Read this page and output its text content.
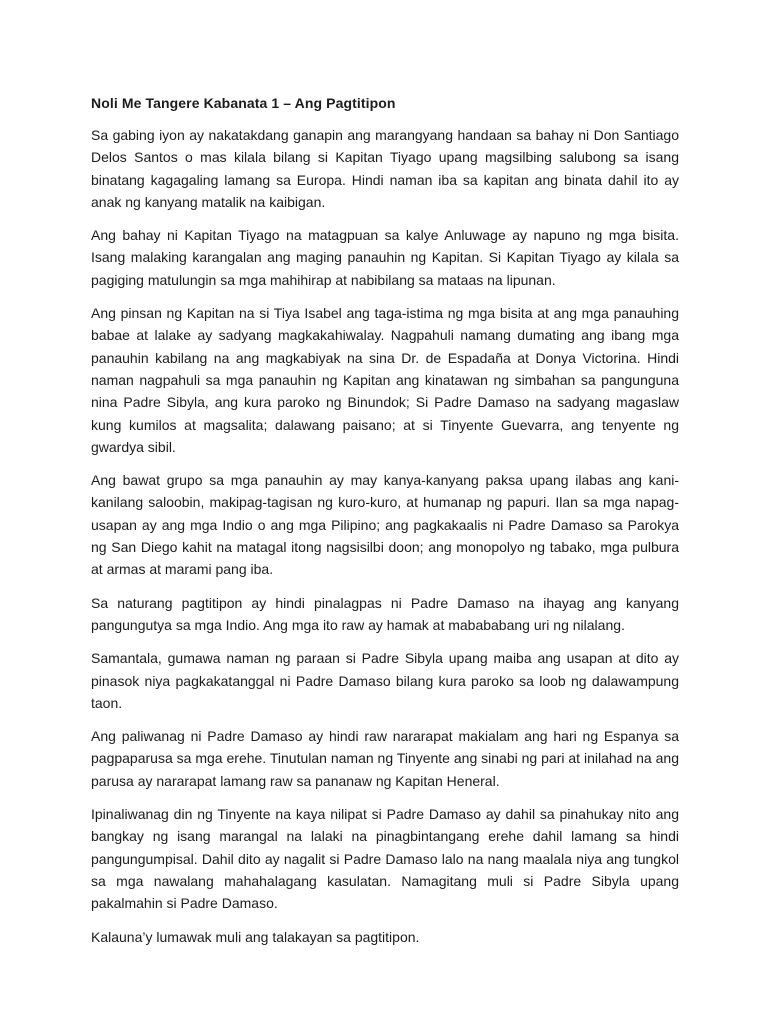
Noli Me Tangere Kabanata 1 – Ang Pagtitipon

Sa gabing iyon ay nakatakdang ganapin ang marangyang handaan sa bahay ni Don Santiago Delos Santos o mas kilala bilang si Kapitan Tiyago upang magsilbing salubong sa isang binatang kagagaling lamang sa Europa. Hindi naman iba sa kapitan ang binata dahil ito ay anak ng kanyang matalik na kaibigan.

Ang bahay ni Kapitan Tiyago na matagpuan sa kalye Anluwage ay napuno ng mga bisita. Isang malaking karangalan ang maging panauhin ng Kapitan. Si Kapitan Tiyago ay kilala sa pagiging matulungin sa mga mahihirap at nabibilang sa mataas na lipunan.

Ang pinsan ng Kapitan na si Tiya Isabel ang taga-istima ng mga bisita at ang mga panauhing babae at lalake ay sadyang magkakahiwalay. Nagpahuli namang dumating ang ibang mga panauhin kabilang na ang magkabiyak na sina Dr. de Espadaña at Donya Victorina. Hindi naman nagpahuli sa mga panauhin ng Kapitan ang kinatawan ng simbahan sa pangunguna nina Padre Sibyla, ang kura paroko ng Binundok; Si Padre Damaso na sadyang magaslaw kung kumilos at magsalita; dalawang paisano; at si Tinyente Guevarra, ang tenyente ng gwardya sibil.

Ang bawat grupo sa mga panauhin ay may kanya-kanyang paksa upang ilabas ang kani-kanilang saloobin, makipag-tagisan ng kuro-kuro, at humanap ng papuri. Ilan sa mga napag-usapan ay ang mga Indio o ang mga Pilipino; ang pagkakaalis ni Padre Damaso sa Parokya ng San Diego kahit na matagal itong nagsisilbi doon; ang monopolyo ng tabako, mga pulbura at armas at marami pang iba.

Sa naturang pagtitipon ay hindi pinalagpas ni Padre Damaso na ihayag ang kanyang pangungutya sa mga Indio. Ang mga ito raw ay hamak at mabababang uri ng nilalang.

Samantala, gumawa naman ng paraan si Padre Sibyla upang maiba ang usapan at dito ay pinasok niya pagkakatanggal ni Padre Damaso bilang kura paroko sa loob ng dalawampung taon.

Ang paliwanag ni Padre Damaso ay hindi raw nararapat makialam ang hari ng Espanya sa pagpaparusa sa mga erehe. Tinutulan naman ng Tinyente ang sinabi ng pari at inilahad na ang parusa ay nararapat lamang raw sa pananaw ng Kapitan Heneral.

Ipinaliwanag din ng Tinyente na kaya nilipat si Padre Damaso ay dahil sa pinahukay nito ang bangkay ng isang marangal na lalaki na pinagbintangang erehe dahil lamang sa hindi pangungumpisal. Dahil dito ay nagalit si Padre Damaso lalo na nang maalala niya ang tungkol sa mga nawalang mahahalagang kasulatan. Namagitang muli si Padre Sibyla upang pakalmahin si Padre Damaso.

Kalauna’y lumawak muli ang talakayan sa pagtitipon.
